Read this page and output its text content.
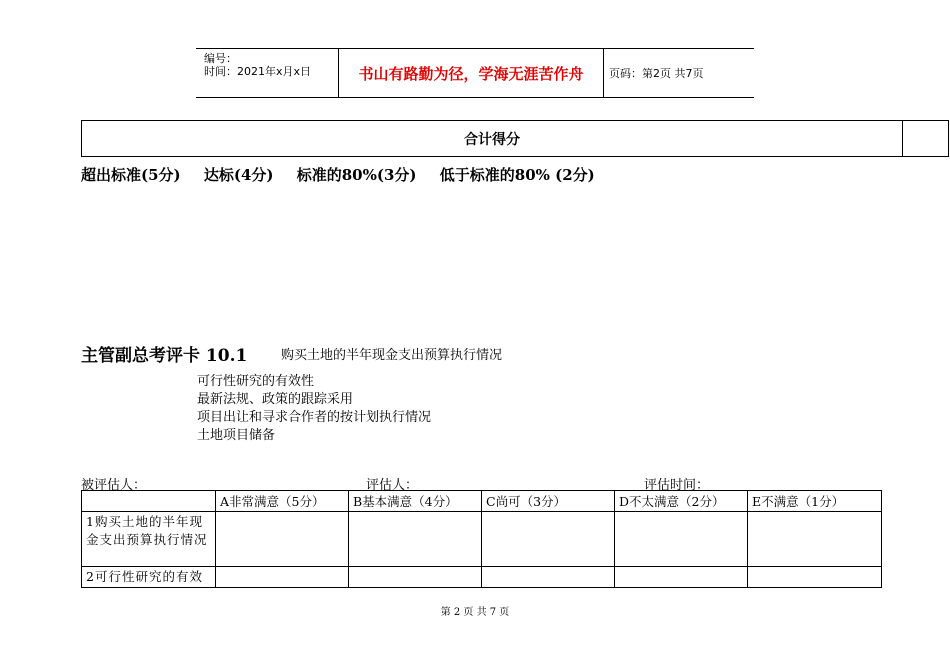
编号：
时间：2021年x月x日	书山有路勤为径，学海无涯苦作舟	页码：第2页 共7页
合计得分
超出标准(5分) 达标(4分) 标准的80%(3分) 低于标准的80% (2分)
主管副总考评卡 10.1	购买土地的半年现金支出预算执行情况
可行性研究的有效性
最新法规、政策的跟踪采用
项目出让和寻求合作者的按计划执行情况
土地项目储备
被评估人：	评估人：	评估时间：
	A非常满意（5分）	B基本满意（4分）	C尚可（3分）	D不太满意（2分）	E不满意（1分）
1购买土地的半年现金支出预算执行情况					
2可行性研究的有效					
第 2 页 共 7 页
